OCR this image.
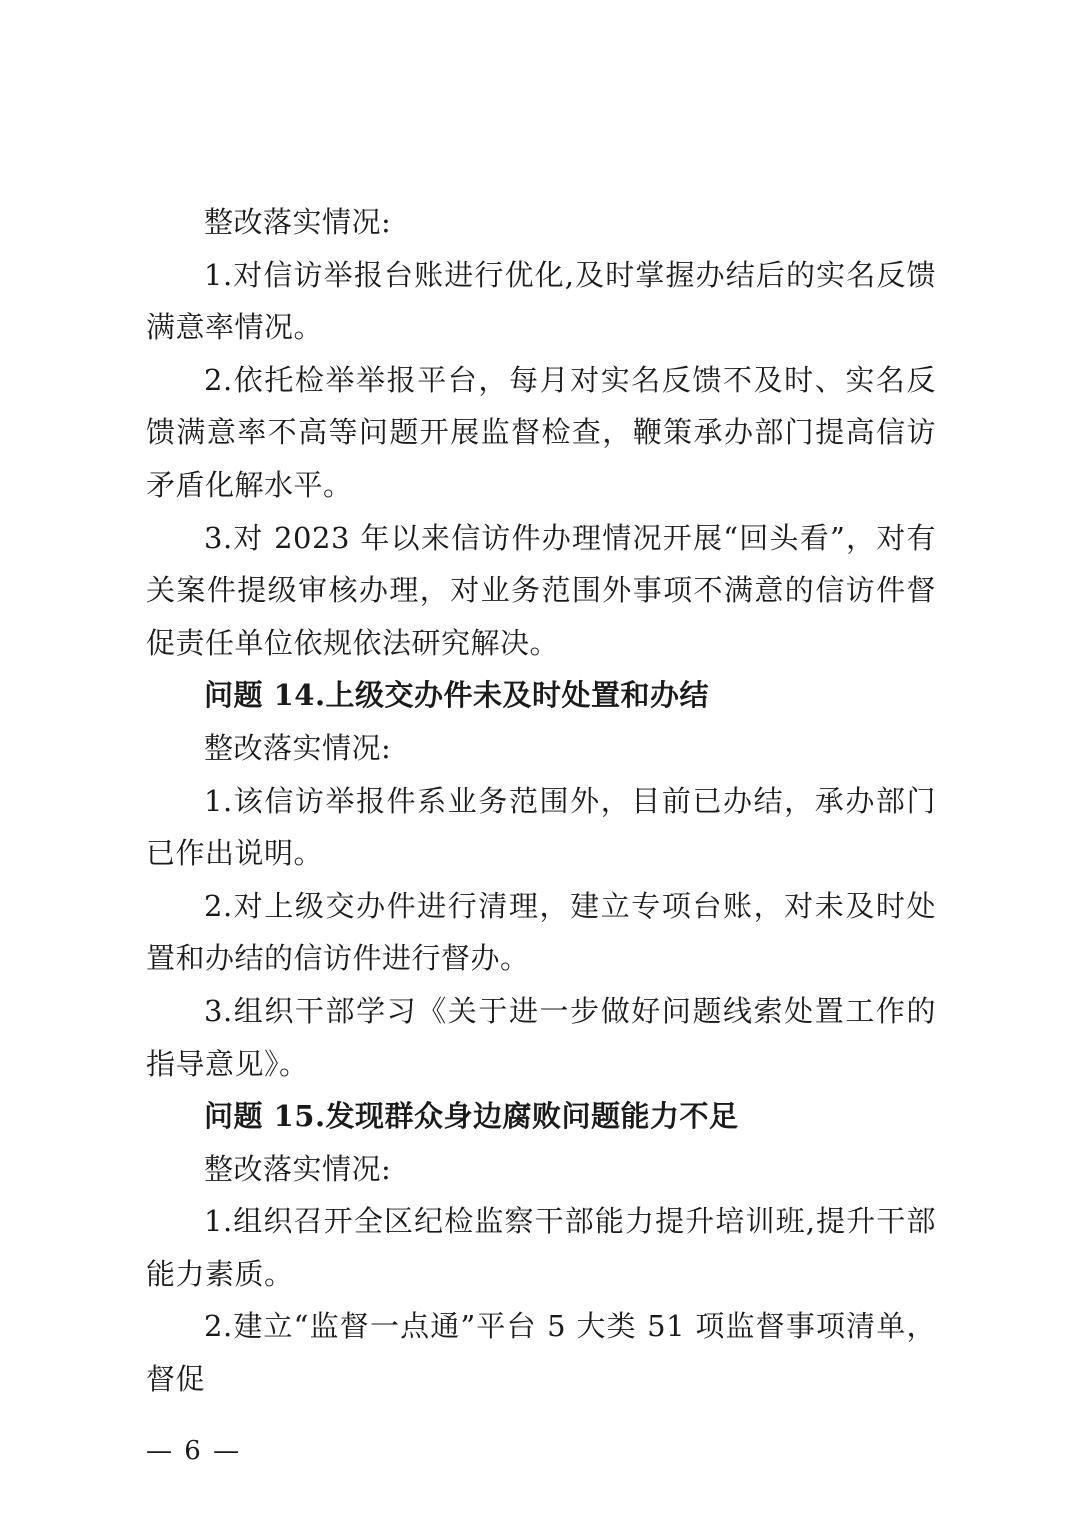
整改落实情况:

1.对信访举报台账进行优化,及时掌握办结后的实名反馈满意率情况。

2.依托检举举报平台，每月对实名反馈不及时、实名反馈满意率不高等问题开展监督检查，鞭策承办部门提高信访矛盾化解水平。

3.对 2023 年以来信访件办理情况开展“回头看”，对有关案件提级审核办理，对业务范围外事项不满意的信访件督促责任单位依规依法研究解决。

问题 14.上级交办件未及时处置和办结

整改落实情况:

1.该信访举报件系业务范围外，目前已办结，承办部门已作出说明。

2.对上级交办件进行清理，建立专项台账，对未及时处置和办结的信访件进行督办。

3.组织干部学习《关于进一步做好问题线索处置工作的指导意见》。

问题 15.发现群众身边腐败问题能力不足

整改落实情况:

1.组织召开全区纪检监察干部能力提升培训班,提升干部能力素质。

2.建立“监督一点通”平台 5 大类 51 项监督事项清单，督促

— 6 —
